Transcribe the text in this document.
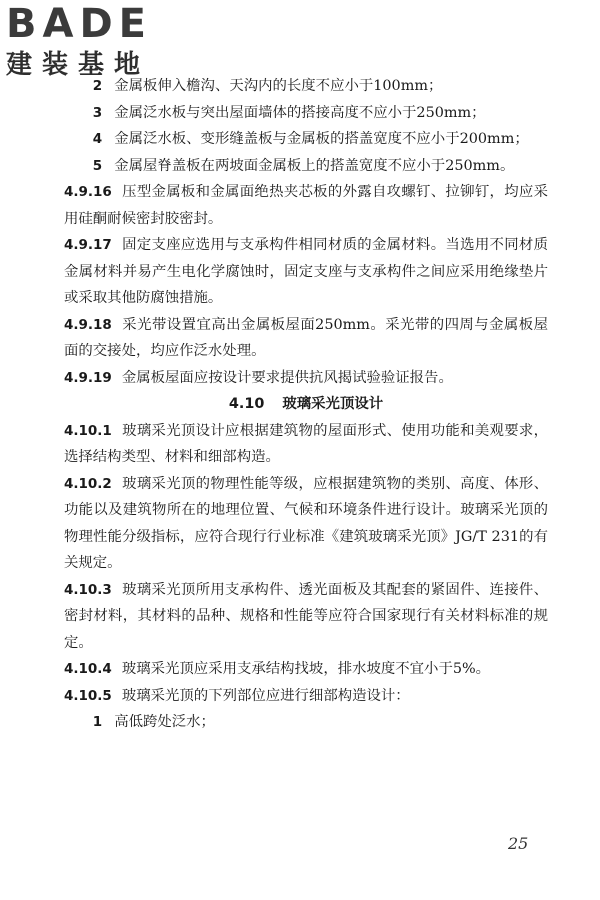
BADE
建装基地

2 金属板伸入檐沟、天沟内的长度不应小于100mm；

3 金属泛水板与突出屋面墙体的搭接高度不应小于250mm；

4 金属泛水板、变形缝盖板与金属板的搭盖宽度不应小于200mm；

5 金属屋脊盖板在两坡面金属板上的搭盖宽度不应小于250mm。

4.9.16 压型金属板和金属面绝热夹芯板的外露自攻螺钉、拉铆钉，均应采用硅酮耐候密封胶密封。

4.9.17 固定支座应选用与支承构件相同材质的金属材料。当选用不同材质金属材料并易产生电化学腐蚀时，固定支座与支承构件之间应采用绝缘垫片或采取其他防腐蚀措施。

4.9.18 采光带设置宜高出金属板屋面250mm。采光带的四周与金属板屋面的交接处，均应作泛水处理。

4.9.19 金属板屋面应按设计要求提供抗风揭试验验证报告。

4.10 玻璃采光顶设计

4.10.1 玻璃采光顶设计应根据建筑物的屋面形式、使用功能和美观要求，选择结构类型、材料和细部构造。

4.10.2 玻璃采光顶的物理性能等级，应根据建筑物的类别、高度、体形、功能以及建筑物所在的地理位置、气候和环境条件进行设计。玻璃采光顶的物理性能分级指标，应符合现行行业标准《建筑玻璃采光顶》JG/T 231的有关规定。

4.10.3 玻璃采光顶所用支承构件、透光面板及其配套的紧固件、连接件、密封材料，其材料的品种、规格和性能等应符合国家现行有关材料标准的规定。

4.10.4 玻璃采光顶应采用支承结构找坡，排水坡度不宜小于5%。

4.10.5 玻璃采光顶的下列部位应进行细部构造设计：

1 高低跨处泛水；

25
